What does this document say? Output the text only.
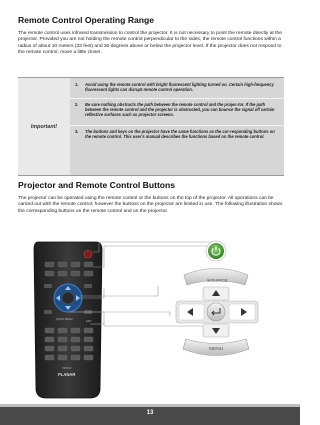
Remote Control Operating Range
The remote control uses infrared transmission to control the projector. It is not necessary to point the remote directly at the projector. Provided you are not holding the remote control perpendicular to the sides, the remote control functions within a radius of about 10 meters (33 feet) and 30 degrees above or below the projector level. If the projector does not respond to the remote control, move a little closer.
Important!
1. Avoid using the remote control with bright fluorescent lighting turned on. Certain high-frequency fluorescent lights can disrupt remote control operation.
2. Be sure nothing obstructs the path between the remote control and the projec-tor. If the path between the remote control and the projector is obstructed, you can bounce the signal off certain reflective surfaces such as projector screens.
3. The buttons and keys on the projector have the same functions as the cor-responding buttons on the remote control. This user's manual describes the functions based on the remote control.
Projector and Remote Control Buttons
The projector can be operated using the remote control or the buttons on the top of the projector. All operations can be carried out with the remote control; however the buttons on the projector are limited in use. The following illustration shows the corresponding buttons on the remote control and on the projector.
QUICK MENU
EXIT
PR5020
PLANAR
SOURCE
MENU
13
